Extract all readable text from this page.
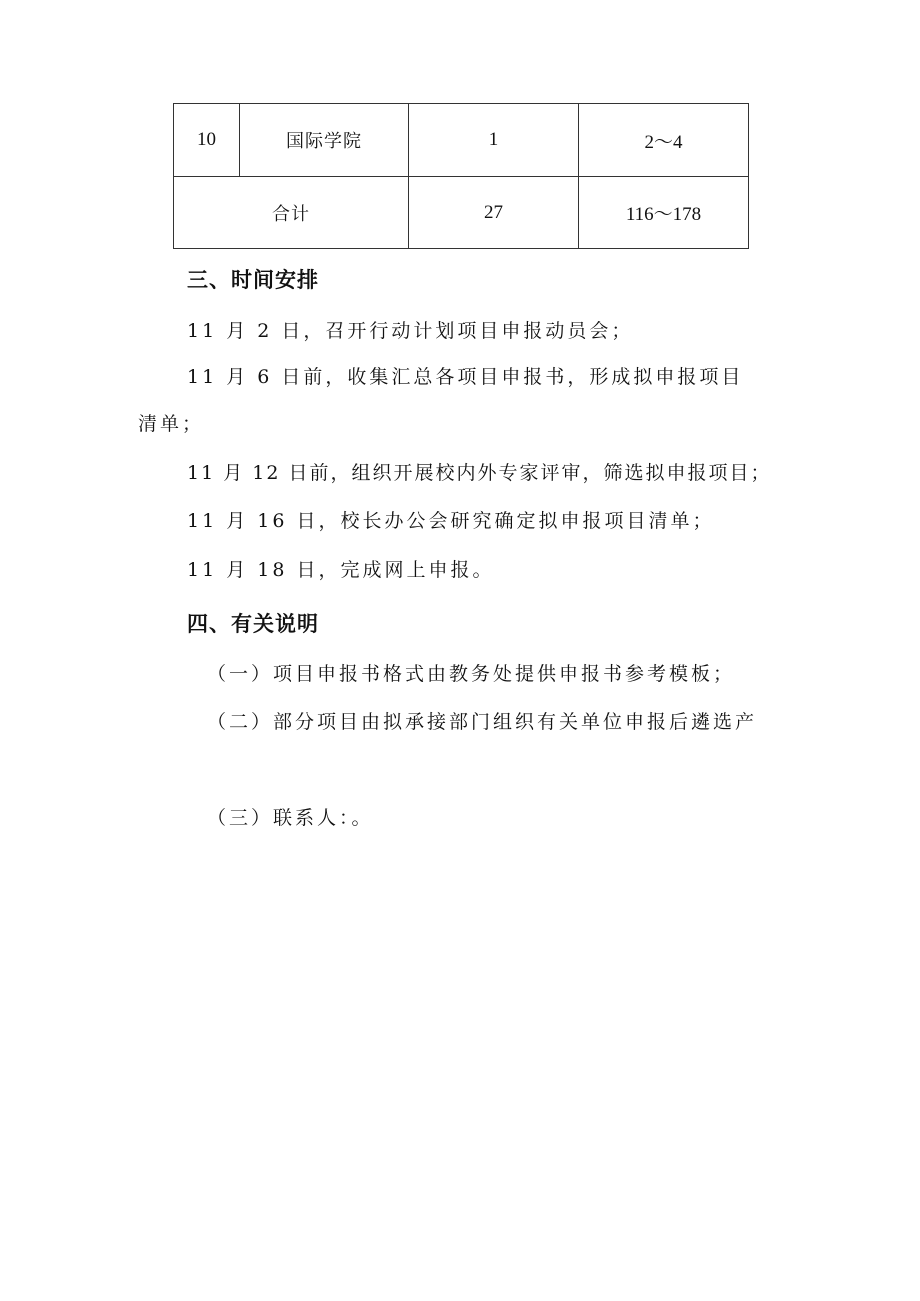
10	国际学院	1	2～4
合计		27	116～178
三、时间安排
11 月 2 日，召开行动计划项目申报动员会；
11 月 6 日前，收集汇总各项目申报书，形成拟申报项目
清单；
11 月 12 日前，组织开展校内外专家评审，筛选拟申报项目；
11 月 16 日，校长办公会研究确定拟申报项目清单；
11 月 18 日，完成网上申报。
四、有关说明
（一）项目申报书格式由教务处提供申报书参考模板；
（二）部分项目由拟承接部门组织有关单位申报后遴选产
（三）联系人：。
